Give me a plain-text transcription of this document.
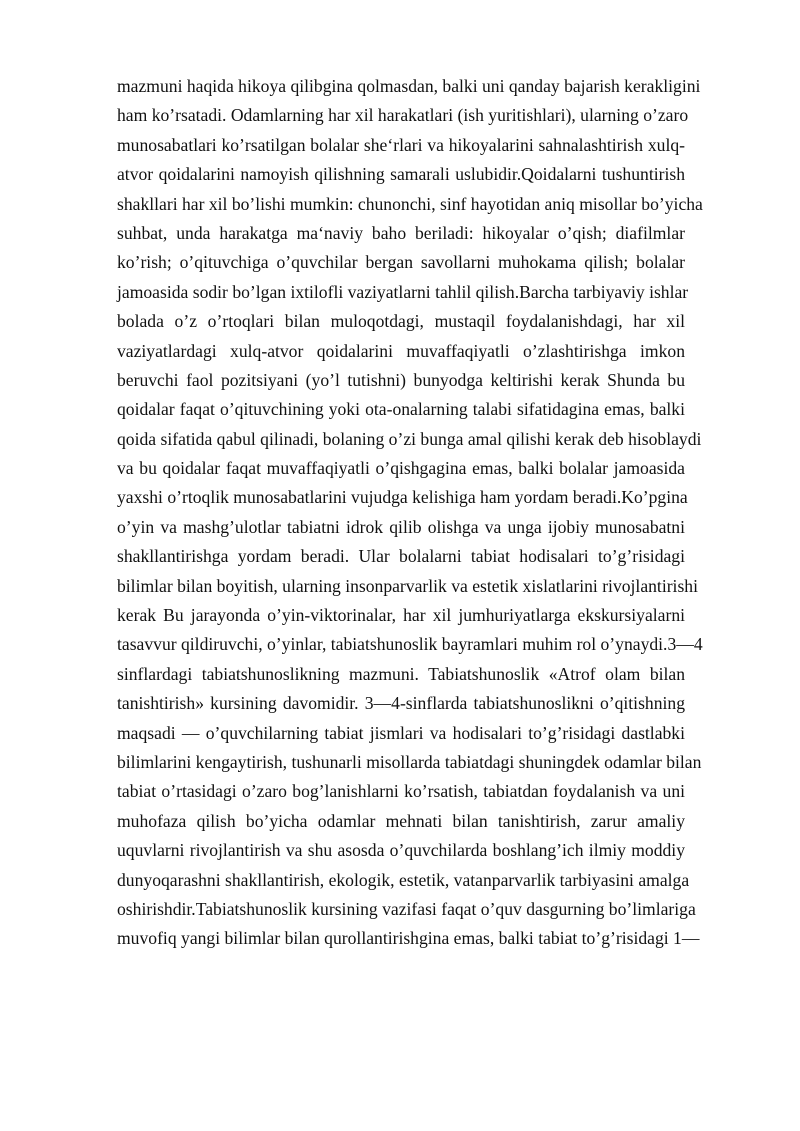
mazmuni haqida hikoya qilibgina qolmasdan, balki uni qanday bajarish kerakligini
ham ko’rsatadi. Odamlarning har xil harakatlari (ish yuritishlari), ularning o’zaro
munosabatlari ko’rsatilgan bolalar she‘rlari va hikoyalarini sahnalashtirish xulq-
atvor qoidalarini namoyish qilishning samarali uslubidir.Qoidalarni tushuntirish
shakllari har xil bo’lishi mumkin: chunonchi, sinf hayotidan aniq misollar bo’yicha
suhbat, unda harakatga ma‘naviy baho beriladi: hikoyalar o’qish; diafilmlar
ko’rish; o’qituvchiga o’quvchilar bergan savollarni muhokama qilish; bolalar
jamoasida sodir bo’lgan ixtilofli vaziyatlarni tahlil qilish.Barcha tarbiyaviy ishlar
bolada o’z o’rtoqlari bilan muloqotdagi, mustaqil foydalanishdagi, har xil
vaziyatlardagi xulq-atvor qoidalarini muvaffaqiyatli o’zlashtirishga imkon
beruvchi faol pozitsiyani (yo’l tutishni) bunyodga keltirishi kerak Shunda bu
qoidalar faqat o’qituvchining yoki ota-onalarning talabi sifatidagina emas, balki
qoida sifatida qabul qilinadi, bolaning o’zi bunga amal qilishi kerak deb hisoblaydi
va bu qoidalar faqat muvaffaqiyatli o’qishgagina emas, balki bolalar jamoasida
yaxshi o’rtoqlik munosabatlarini vujudga kelishiga ham yordam beradi.Ko’pgina
o’yin va mashg’ulotlar tabiatni idrok qilib olishga va unga ijobiy munosabatni
shakllantirishga yordam beradi. Ular bolalarni tabiat hodisalari to’g’risidagi
bilimlar bilan boyitish, ularning insonparvarlik va estetik xislatlarini rivojlantirishi
kerak Bu jarayonda o’yin-viktorinalar, har xil jumhuriyatlarga ekskursiyalarni
tasavvur qildiruvchi, o’yinlar, tabiatshunoslik bayramlari muhim rol o’ynaydi.3—4
sinflardagi tabiatshunoslikning mazmuni. Tabiatshunoslik «Atrof olam bilan
tanishtirish» kursining davomidir. 3—4-sinflarda tabiatshunoslikni o’qitishning
maqsadi — o’quvchilarning tabiat jismlari va hodisalari to’g’risidagi dastlabki
bilimlarini kengaytirish, tushunarli misollarda tabiatdagi shuningdek odamlar bilan
tabiat o’rtasidagi o’zaro bog’lanishlarni ko’rsatish, tabiatdan foydalanish va uni
muhofaza qilish bo’yicha odamlar mehnati bilan tanishtirish, zarur amaliy
uquvlarni rivojlantirish va shu asosda o’quvchilarda boshlang’ich ilmiy moddiy
dunyoqarashni shakllantirish, ekologik, estetik, vatanparvarlik tarbiyasini amalga
oshirishdir.Tabiatshunoslik kursining vazifasi faqat o’quv dasgurning bo’limlariga
muvofiq yangi bilimlar bilan qurollantirishgina emas, balki tabiat to’g’risidagi 1—
